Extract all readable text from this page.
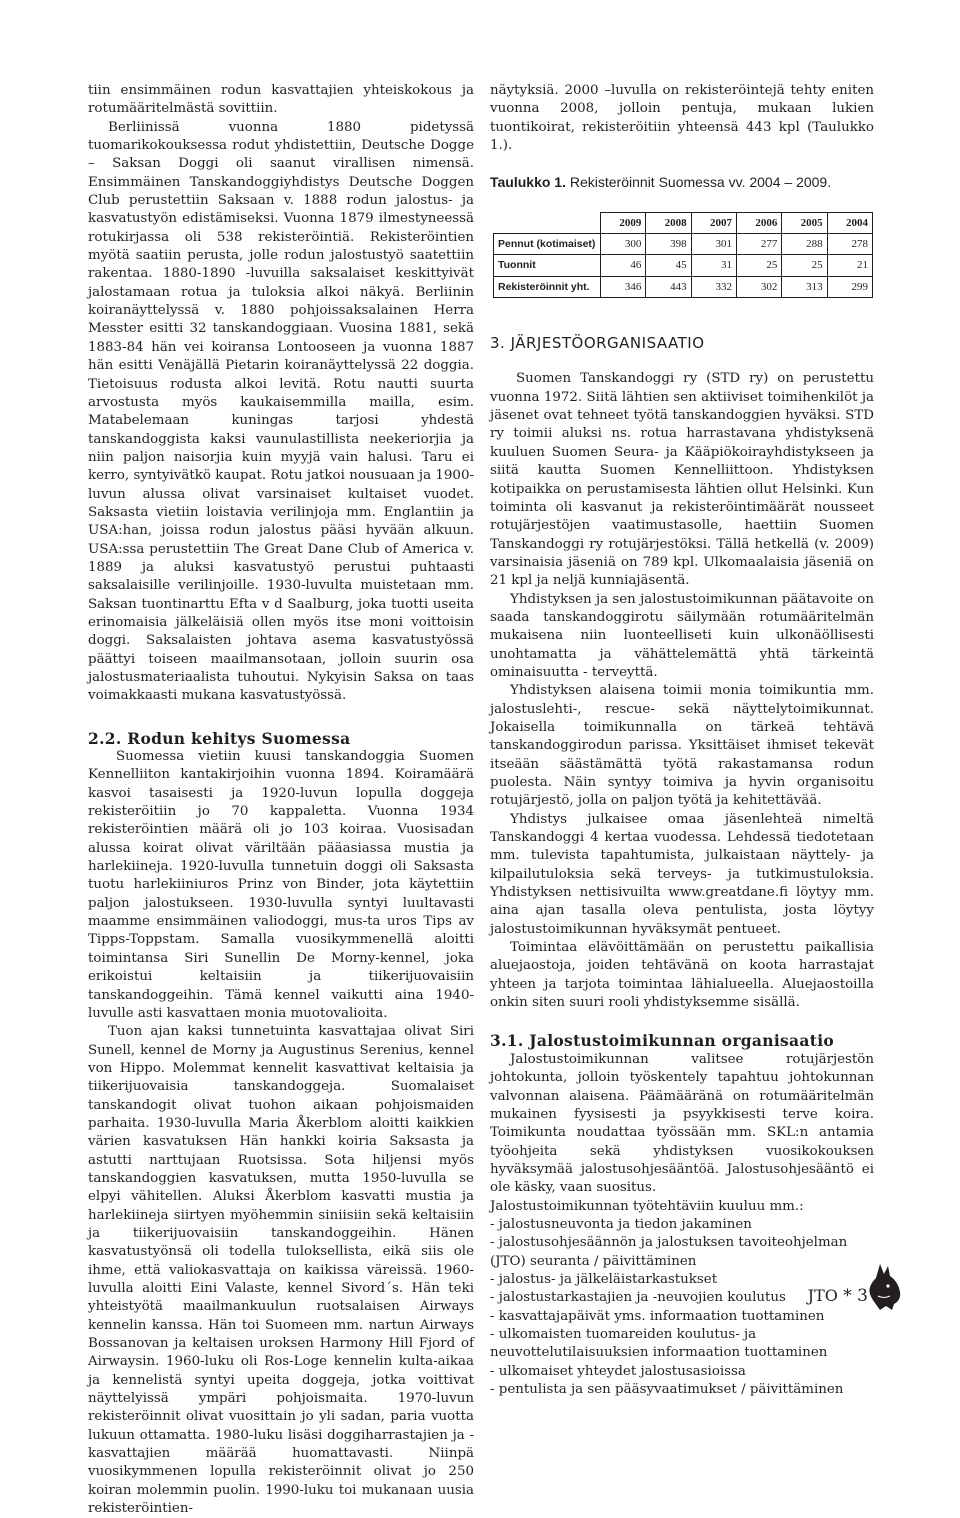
tiin ensimmäinen rodun kasvattajien yhteiskokous ja rotumääritelmästä sovittiin.

Berliinissä vuonna 1880 pidetyssä tuomarikokouksessa rodut yhdistettiin, Deutsche Dogge – Saksan Doggi oli saanut virallisen nimensä. Ensimmäinen Tanskandoggiyhdistys Deutsche Doggen Club perustettiin Saksaan v. 1888 rodun jalostus- ja kasvatustyön edistämiseksi. Vuonna 1879 ilmestyneessä rotukirjassa oli 538 rekisteröintiä. Rekisteröintien myötä saatiin perusta, jolle rodun jalostustyö saatettiin rakentaa. 1880-1890 -luvuilla saksalaiset keskittyivät jalostamaan rotua ja tuloksia alkoi näkyä. Berliinin koiranäyttelyssä v. 1880 pohjoissaksalainen Herra Messter esitti 32 tanskandoggiaan. Vuosina 1881, sekä 1883-84 hän vei koiransa Lontooseen ja vuonna 1887 hän esitti Venäjällä Pietarin koiranäyttelyssä 22 doggia. Tietoisuus rodusta alkoi levitä. Rotu nautti suurta arvostusta myös kaukaisemmilla mailla, esim. Matabelemaan kuningas tarjosi yhdestä tanskandoggista kaksi vaunulastillista neekeriorjia ja niin paljon naisorjia kuin myyjä vain halusi. Taru ei kerro, syntyivätkö kaupat. Rotu jatkoi nousuaan ja 1900-luvun alussa olivat varsinaiset kultaiset vuodet. Saksasta vietiin loistavia verilinjoja mm. Englantiin ja USA:han, joissa rodun jalostus pääsi hyvään alkuun. USA:ssa perustettiin The Great Dane Club of America v. 1889 ja aluksi kasvatustyö perustui puhtaasti saksalaisille verilinjoille. 1930-luvulta muistetaan mm. Saksan tuontinarttu Efta v d Saalburg, joka tuotti useita erinomaisia jälkeläisiä ollen myös itse moni voittoisin doggi. Saksalaisten johtava asema kasvatustyössä päättyi toiseen maailmansotaan, jolloin suurin osa jalostusmateriaalista tuhoutui. Nykyisin Saksa on taas voimakkaasti mukana kasvatustyössä.

2.2. Rodun kehitys Suomessa

Suomessa vietiin kuusi tanskandoggia Suomen Kennelliiton kantakirjoihin vuonna 1894. Koiramäärä kasvoi tasaisesti ja 1920-luvun lopulla doggeja rekisteröitiin jo 70 kappaletta. Vuonna 1934 rekisteröintien määrä oli jo 103 koiraa. Vuosisadan alussa koirat olivat väriltään pääasiassa mustia ja harlekiineja. 1920-luvulla tunnetuin doggi oli Saksasta tuotu harlekiiniuros Prinz von Binder, jota käytettiin paljon jalostukseen. 1930-luvulla syntyi luultavasti maamme ensimmäinen valiodoggi, mus-ta uros Tips av Tipps-Toppstam. Samalla vuosikymmenellä aloitti toimintansa Siri Sunellin De Morny-kennel, joka erikoistui keltaisiin ja tiikerijuovaisiin tanskandoggeihin. Tämä kennel vaikutti aina 1940-luvulle asti kasvattaen monia muotovalioita.

Tuon ajan kaksi tunnetuinta kasvattajaa olivat Siri Sunell, kennel de Morny ja Augustinus Serenius, kennel von Hippo. Molemmat kennelit kasvattivat keltaisia ja tiikerijuovaisia tanskandoggeja. Suomalaiset tanskandogit olivat tuohon aikaan pohjoismaiden parhaita. 1930-luvulla Maria Åkerblom aloitti kaikkien värien kasvatuksen Hän hankki koiria Saksasta ja astutti narttujaan Ruotsissa. Sota hiljensi myös tanskandoggien kasvatuksen, mutta 1950-luvulla se elpyi vähitellen. Aluksi Åkerblom kasvatti mustia ja harlekiineja siirtyen myöhemmin siniisiin sekä keltaisiin ja tiikerijuovaisiin tanskandoggeihin. Hänen kasvatustyönsä oli todella tuloksellista, eikä siis ole ihme, että valiokasvattaja on kaikissa väreissä. 1960-luvulla aloitti Eini Valaste, kennel Sivord´s. Hän teki yhteistyötä maailmankuulun ruotsalaisen Airways kennelin kanssa. Hän toi Suomeen mm. nartun Airways Bossanovan ja keltaisen uroksen Harmony Hill Fjord of Airwaysin. 1960-luku oli Ros-Loge kennelin kulta-aikaa ja kennelistä syntyi upeita doggeja, jotka voittivat näyttelyissä ympäri pohjoismaita. 1970-luvun rekisteröinnit olivat vuosittain jo yli sadan, paria vuotta lukuun ottamatta. 1980-luku lisäsi doggiharrastajien ja -kasvattajien määrää huomattavasti. Niinpä vuosikymmenen lopulla rekisteröinnit olivat jo 250 koiran molemmin puolin. 1990-luku toi mukanaan uusia rekisteröintien-

näytyksiä. 2000 –luvulla on rekisteröintejä tehty eniten vuonna 2008, jolloin pentuja, mukaan lukien tuontikoirat, rekisteröitiin yhteensä 443 kpl (Taulukko 1.).

Taulukko 1. Rekisteröinnit Suomessa vv. 2004 – 2009.
	2009	2008	2007	2006	2005	2004
Pennut (kotimaiset)	300	398	301	277	288	278
Tuonnit	46	45	31	25	25	21
Rekisteröinnit yht.	346	443	332	302	313	299
3. JÄRJESTÖORGANISAATIO

Suomen Tanskandoggi ry (STD ry) on perustettu vuonna 1972. Siitä lähtien sen aktiiviset toimihenkilöt ja jäsenet ovat tehneet työtä tanskandoggien hyväksi. STD ry toimii aluksi ns. rotua harrastavana yhdistyksenä kuuluen Suomen Seura- ja Kääpiökoirayhdistykseen ja siitä kautta Suomen Kennelliittoon. Yhdistyksen kotipaikka on perustamisesta lähtien ollut Helsinki. Kun toiminta oli kasvanut ja rekisteröintimäärät nousseet rotujärjestöjen vaatimustasolle, haettiin Suomen Tanskandoggi ry rotujärjestöksi. Tällä hetkellä (v. 2009) varsinaisia jäseniä on 789 kpl. Ulkomaalaisia jäseniä on 21 kpl ja neljä kunniajäsentä.

Yhdistyksen ja sen jalostustoimikunnan päätavoite on saada tanskandoggirotu säilymään rotumääritelmän mukaisena niin luonteelliseti kuin ulkonäöllisesti unohtamatta ja vähättelemättä yhtä tärkeintä ominaisuutta - terveyttä.

Yhdistyksen alaisena toimii monia toimikuntia mm. jalostuslehti-, rescue- sekä näyttelytoimikunnat. Jokaisella toimikunnalla on tärkeä tehtävä tanskandoggirodun parissa. Yksittäiset ihmiset tekevät itseään säästämättä työtä rakastamansa rodun puolesta. Näin syntyy toimiva ja hyvin organisoitu rotujärjestö, jolla on paljon työtä ja kehitettävää.

Yhdistys julkaisee omaa jäsenlehteä nimeltä Tanskandoggi 4 kertaa vuodessa. Lehdessä tiedotetaan mm. tulevista tapahtumista, julkaistaan näyttely- ja kilpailutuloksia sekä terveys- ja tutkimustuloksia. Yhdistyksen nettisivuilta www.greatdane.fi löytyy mm. aina ajan tasalla oleva pentulista, josta löytyy jalostustoimikunnan hyväksymät pentueet.

Toimintaa elävöittämään on perustettu paikallisia aluejaostoja, joiden tehtävänä on koota harrastajat yhteen ja tarjota toimintaa lähialueella. Aluejaostoilla onkin siten suuri rooli yhdistyksemme sisällä.

3.1. Jalostustoimikunnan organisaatio

Jalostustoimikunnan valitsee rotujärjestön johtokunta, jolloin työskentely tapahtuu johtokunnan valvonnan alaisena. Päämääränä on rotumääritelmän mukainen fyysisesti ja psyykkisesti terve koira. Toimikunta noudattaa työssään mm. SKL:n antamia työohjeita sekä yhdistyksen vuosikokouksen hyväksymää jalostusohjesääntöä. Jalostusohjesääntö ei ole käsky, vaan suositus.

Jalostustoimikunnan työtehtäviin kuuluu mm.:

- jalostusneuvonta ja tiedon jakaminen
- jalostusohjesäännön ja jalostuksen tavoiteohjelman (JTO) seuranta / päivittäminen
- jalostus- ja jälkeläistarkastukset
- jalostustarkastajien ja -neuvojien koulutus
- kasvattajapäivät yms. informaation tuottaminen
- ulkomaisten tuomareiden koulutus- ja neuvottelutilaisuuksien informaation tuottaminen
- ulkomaiset yhteydet jalostusasioissa
- pentulista ja sen pääsyvaatimukset / päivittäminen
JTO * 3
